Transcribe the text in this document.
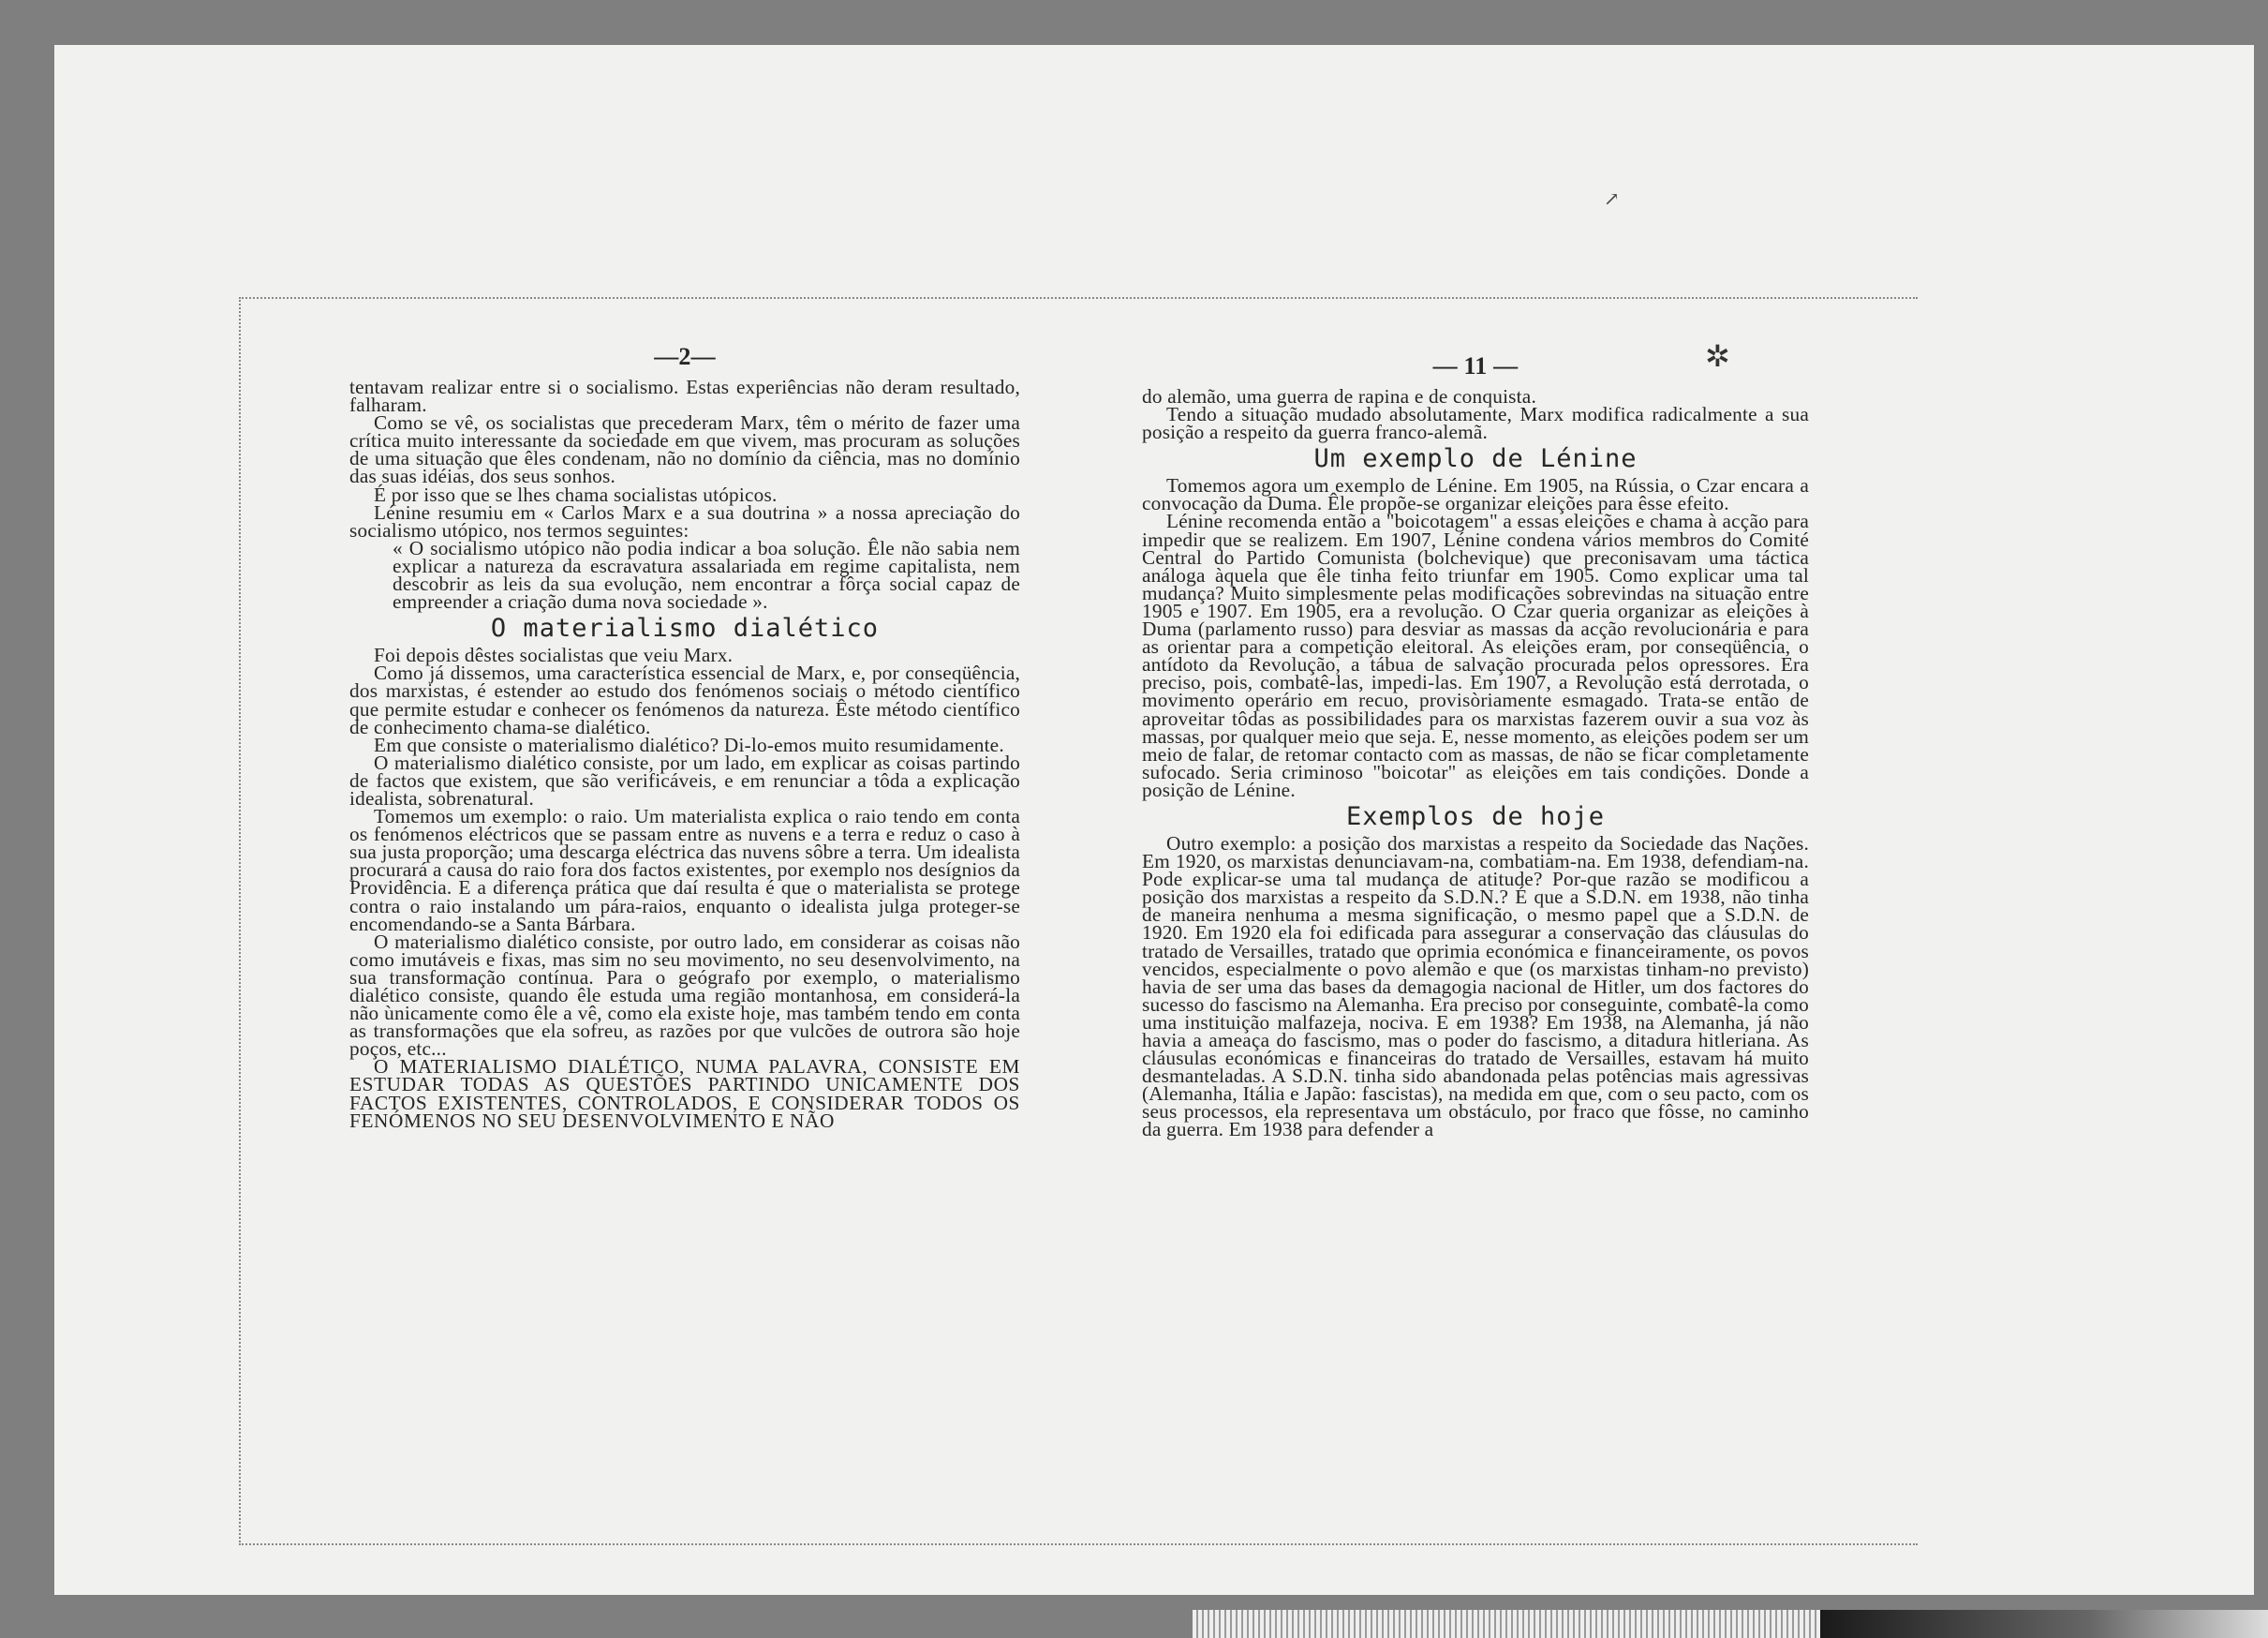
—2—

tentavam realizar entre si o socialismo. Estas experiências não deram resultado, falharam.

Como se vê, os socialistas que precederam Marx, têm o mérito de fazer uma crítica muito interessante da sociedade em que vivem, mas procuram as soluções de uma situação que êles condenam, não no domínio da ciência, mas no domínio das suas idéias, dos seus sonhos.

É por isso que se lhes chama socialistas utópicos.

Lénine resumiu em « Carlos Marx e a sua doutrina » a nossa apreciação do socialismo utópico, nos termos seguintes:

« O socialismo utópico não podia indicar a boa solução. Êle não sabia nem explicar a natureza da escravatura assalariada em regime capitalista, nem descobrir as leis da sua evolução, nem encontrar a fôrça social capaz de empreender a criação duma nova sociedade ».

O materialismo dialético

Foi depois dêstes socialistas que veiu Marx.

Como já dissemos, uma característica essencial de Marx, e, por conseqüência, dos marxistas, é estender ao estudo dos fenómenos sociais o método científico que permite estudar e conhecer os fenómenos da natureza. Êste método científico de conhecimento chama-se dialético.

Em que consiste o materialismo dialético? Di-lo-emos muito resumidamente.

O materialismo dialético consiste, por um lado, em explicar as coisas partindo de factos que existem, que são verificáveis, e em renunciar a tôda a explicação idealista, sobrenatural.

Tomemos um exemplo: o raio. Um materialista explica o raio tendo em conta os fenómenos eléctricos que se passam entre as nuvens e a terra e reduz o caso à sua justa proporção; uma descarga eléctrica das nuvens sôbre a terra. Um idealista procurará a causa do raio fora dos factos existentes, por exemplo nos desígnios da Providência. E a diferença prática que daí resulta é que o materialista se protege contra o raio instalando um pára-raios, enquanto o idealista julga proteger-se encomendando-se a Santa Bárbara.

O materialismo dialético consiste, por outro lado, em considerar as coisas não como imutáveis e fixas, mas sim no seu movimento, no seu desenvolvimento, na sua transformação contínua. Para o geógrafo por exemplo, o materialismo dialético consiste, quando êle estuda uma região montanhosa, em considerá-la não ùnicamente como êle a vê, como ela existe hoje, mas também tendo em conta as transformações que ela sofreu, as razões por que vulcões de outrora são hoje poços, etc...

O MATERIALISMO DIALÉTICO, NUMA PALAVRA, CONSISTE EM ESTUDAR TODAS AS QUESTÕES PARTINDO UNICAMENTE DOS FACTOS EXISTENTES, CONTROLADOS, E CONSIDERAR TODOS OS FENÓMENOS NO SEU DESENVOLVIMENTO E NÃO

— 11 —

do alemão, uma guerra de rapina e de conquista.

Tendo a situação mudado absolutamente, Marx modifica radicalmente a sua posição a respeito da guerra franco-alemã.

Um exemplo de Lénine

Tomemos agora um exemplo de Lénine. Em 1905, na Rússia, o Czar encara a convocação da Duma. Êle propõe-se organizar eleições para êsse efeito.

Lénine recomenda então a "boicotagem" a essas eleições e chama à acção para impedir que se realizem. Em 1907, Lénine condena vários membros do Comité Central do Partido Comunista (bolchevique) que preconisavam uma táctica análoga àquela que êle tinha feito triunfar em 1905. Como explicar uma tal mudança? Muito simplesmente pelas modificações sobrevindas na situação entre 1905 e 1907. Em 1905, era a revolução. O Czar queria organizar as eleições à Duma (parlamento russo) para desviar as massas da acção revolucionária e para as orientar para a competição eleitoral. As eleições eram, por conseqüência, o antídoto da Revolução, a tábua de salvação procurada pelos opressores. Era preciso, pois, combatê-las, impedi-las. Em 1907, a Revolução está derrotada, o movimento operário em recuo, provisòriamente esmagado. Trata-se então de aproveitar tôdas as possibilidades para os marxistas fazerem ouvir a sua voz às massas, por qualquer meio que seja. E, nesse momento, as eleições podem ser um meio de falar, de retomar contacto com as massas, de não se ficar completamente sufocado. Seria criminoso "boicotar" as eleições em tais condições. Donde a posição de Lénine.

Exemplos de hoje

Outro exemplo: a posição dos marxistas a respeito da Sociedade das Nações. Em 1920, os marxistas denunciavam-na, combatiam-na. Em 1938, defendiam-na. Pode explicar-se uma tal mudança de atitude? Por-que razão se modificou a posição dos marxistas a respeito da S.D.N.? É que a S.D.N. em 1938, não tinha de maneira nenhuma a mesma significação, o mesmo papel que a S.D.N. de 1920. Em 1920 ela foi edificada para assegurar a conservação das cláusulas do tratado de Versailles, tratado que oprimia económica e financeiramente, os povos vencidos, especialmente o povo alemão e que (os marxistas tinham-no previsto) havia de ser uma das bases da demagogia nacional de Hitler, um dos factores do sucesso do fascismo na Alemanha. Era preciso por conseguinte, combatê-la como uma instituição malfazeja, nociva. E em 1938? Em 1938, na Alemanha, já não havia a ameaça do fascismo, mas o poder do fascismo, a ditadura hitleriana. As cláusulas económicas e financeiras do tratado de Versailles, estavam há muito desmanteladas. A S.D.N. tinha sido abandonada pelas potências mais agressivas (Alemanha, Itália e Japão: fascistas), na medida em que, com o seu pacto, com os seus processos, ela representava um obstáculo, por fraco que fôsse, no caminho da guerra. Em 1938 para defender a

✲
↗
